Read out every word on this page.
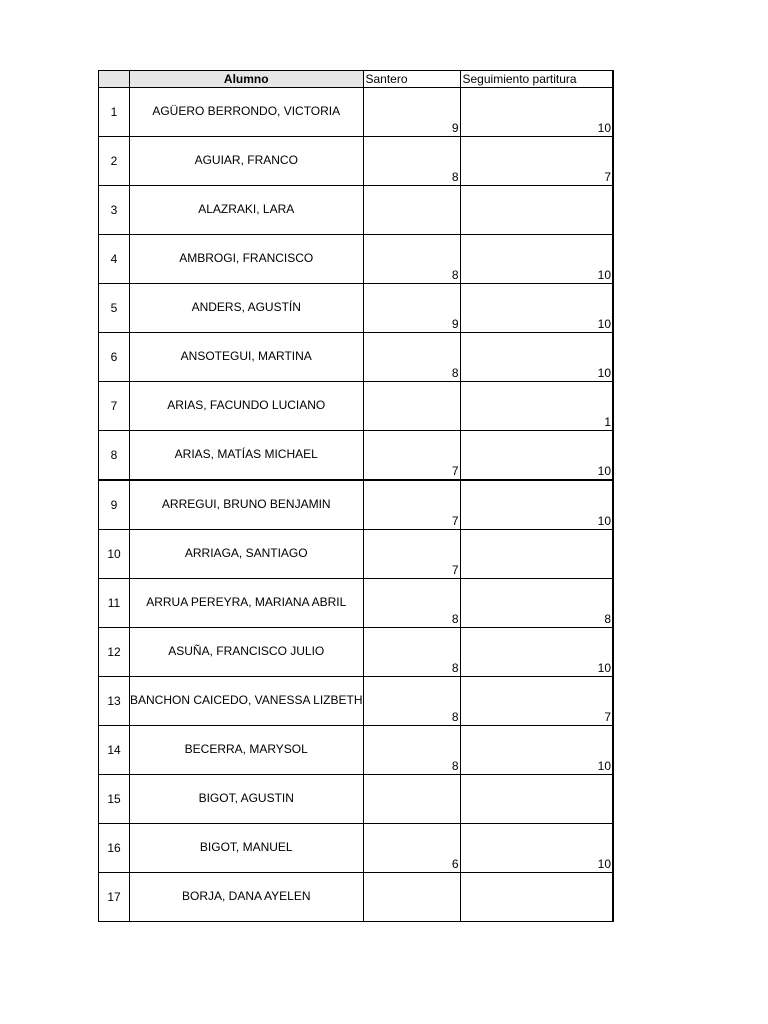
	Alumno	Santero	Seguimiento partitura
1	AGÜERO BERRONDO, VICTORIA	9	10
2	AGUIAR, FRANCO	8	7
3	ALAZRAKI, LARA		
4	AMBROGI, FRANCISCO	8	10
5	ANDERS, AGUSTÍN	9	10
6	ANSOTEGUI, MARTINA	8	10
7	ARIAS, FACUNDO LUCIANO		1
8	ARIAS, MATÍAS MICHAEL	7	10
9	ARREGUI, BRUNO BENJAMIN	7	10
10	ARRIAGA, SANTIAGO	7	
11	ARRUA PEREYRA, MARIANA ABRIL	8	8
12	ASUÑA, FRANCISCO JULIO	8	10
13	BANCHON CAICEDO, VANESSA LIZBETH	8	7
14	BECERRA, MARYSOL	8	10
15	BIGOT, AGUSTIN		
16	BIGOT, MANUEL	6	10
17	BORJA, DANA AYELEN		
